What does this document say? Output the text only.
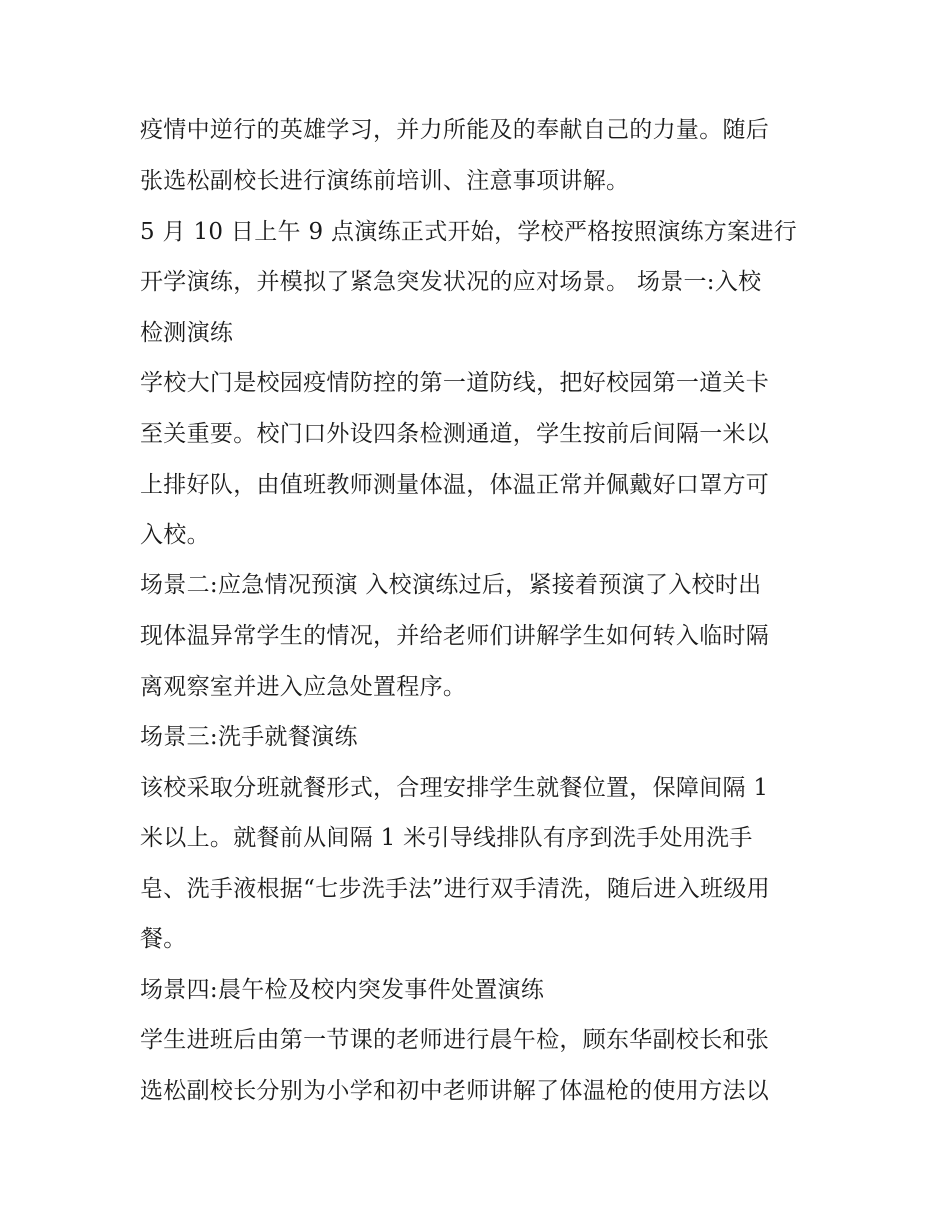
疫情中逆行的英雄学习，并力所能及的奉献自己的力量。随后
张选松副校长进行演练前培训、注意事项讲解。
5 月 10 日上午 9 点演练正式开始，学校严格按照演练方案进行
开学演练，并模拟了紧急突发状况的应对场景。 场景一:入校
检测演练
学校大门是校园疫情防控的第一道防线，把好校园第一道关卡
至关重要。校门口外设四条检测通道，学生按前后间隔一米以
上排好队，由值班教师测量体温，体温正常并佩戴好口罩方可
入校。
场景二:应急情况预演 入校演练过后，紧接着预演了入校时出
现体温异常学生的情况，并给老师们讲解学生如何转入临时隔
离观察室并进入应急处置程序。
场景三:洗手就餐演练
该校采取分班就餐形式，合理安排学生就餐位置，保障间隔 1
米以上。就餐前从间隔 1 米引导线排队有序到洗手处用洗手
皂、洗手液根据“七步洗手法”进行双手清洗，随后进入班级用
餐。
场景四:晨午检及校内突发事件处置演练
学生进班后由第一节课的老师进行晨午检，顾东华副校长和张
选松副校长分别为小学和初中老师讲解了体温枪的使用方法以
